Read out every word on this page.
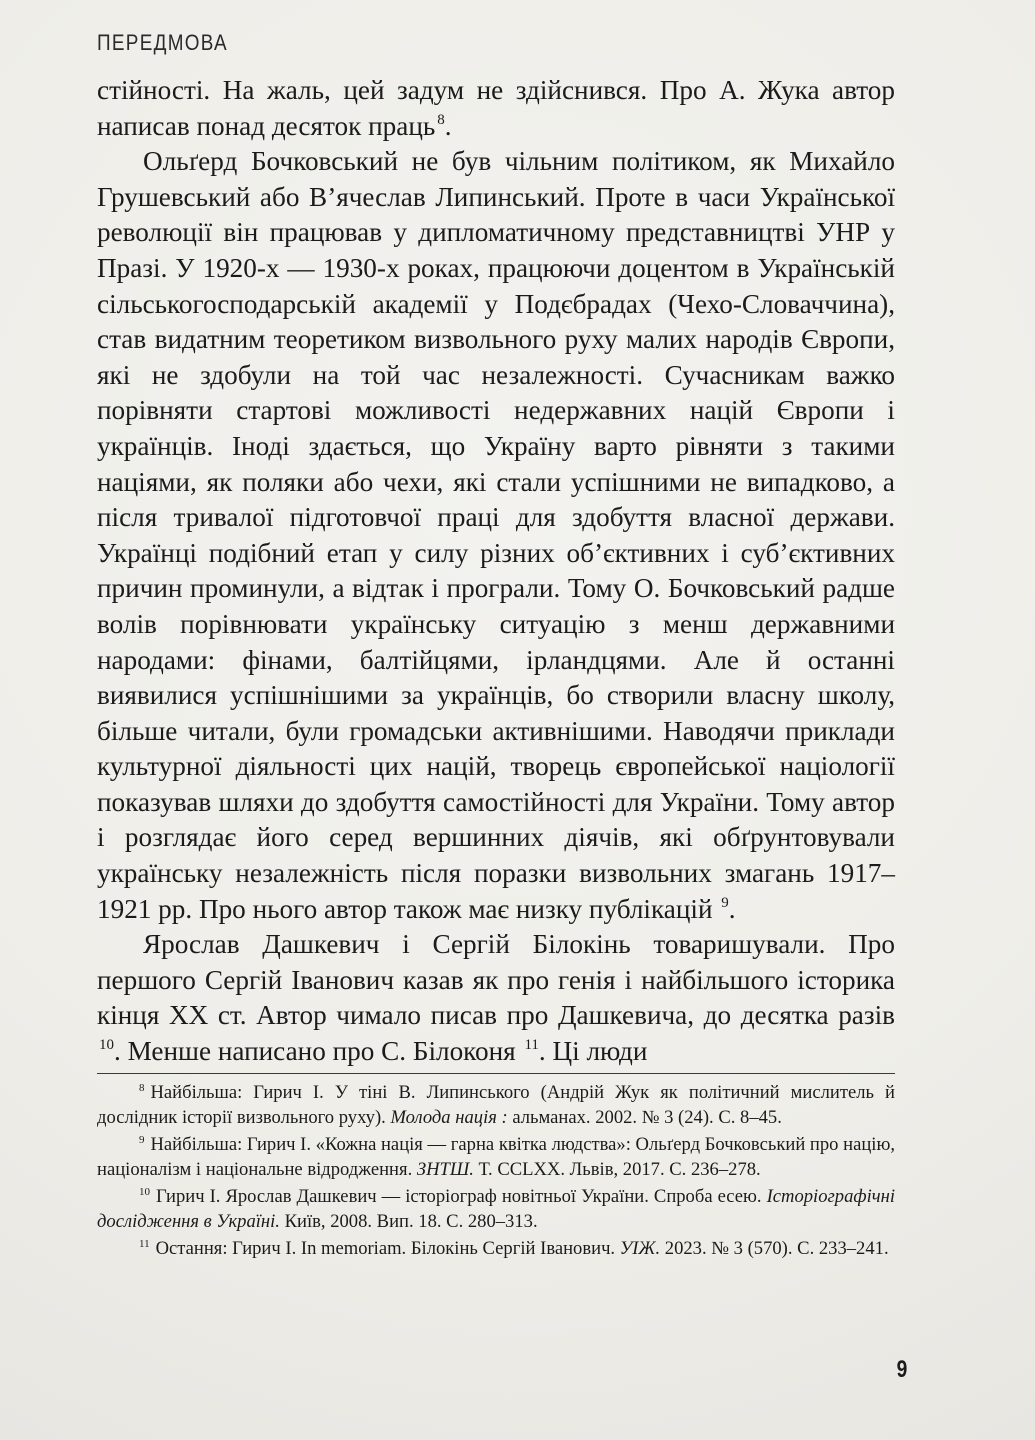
ПЕРЕДМОВА

стійності. На жаль, цей задум не здійснився. Про А. Жука автор написав понад десяток праць $^8$.

Ольґерд Бочковський не був чільним політиком, як Михайло Грушевський або В’ячеслав Липинський. Проте в часи Української революції він працював у дипломатичному представництві УНР у Празі. У 1920-х — 1930-х роках, працюючи доцентом в Українській сільськогосподарській академії у Подєбрадах (Чехо-Словаччина), став видатним теоретиком визвольного руху малих народів Європи, які не здобули на той час незалежності. Сучасникам важко порівняти стартові можливості недержавних націй Європи і українців. Іноді здається, що Україну варто рівняти з такими націями, як поляки або чехи, які стали успішними не випадково, а після тривалої підготовчої праці для здобуття власної держави. Українці подібний етап у силу різних об’єктивних і суб’єктивних причин проминули, а відтак і програли. Тому О. Бочковський радше волів порівнювати українську ситуацію з менш державними народами: фінами, балтійцями, ірландцями. Але й останні виявилися успішнішими за українців, бо створили власну школу, більше читали, були громадськи активнішими. Наводячи приклади культурної діяльності цих націй, творець європейської націології показував шляхи до здобуття самостійності для України. Тому автор і розглядає його серед вершинних діячів, які обґрунтовували українську незалежність після поразки визвольних змагань 1917–1921 рр. Про нього автор також має низку публікацій $^9$.

Ярослав Дашкевич і Сергій Білокінь товаришували. Про першого Сергій Іванович казав як про генія і найбільшого історика кінця XX ст. Автор чимало писав про Дашкевича, до десятка разів $^{10}$. Менше написано про С. Білоконя $^{11}$. Ці люди

$^8$ Найбільша: Гирич І. У тіні В. Липинського (Андрій Жук як політичний мислитель й дослідник історії визвольного руху). Молода нація : альманах. 2002. № 3 (24). С. 8–45.

$^9$ Найбільша: Гирич І. «Кожна нація — гарна квітка людства»: Ольґерд Бочковський про націю, націоналізм і національне відродження. ЗНТШ. Т. CCLXX. Львів, 2017. С. 236–278.

$^{10}$ Гирич І. Ярослав Дашкевич — історіограф новітньої України. Спроба есею. Історіографічні дослідження в Україні. Київ, 2008. Вип. 18. С. 280–313.

$^{11}$ Остання: Гирич І. In memoriam. Білокінь Сергій Іванович. УІЖ. 2023. № 3 (570). С. 233–241.

9
